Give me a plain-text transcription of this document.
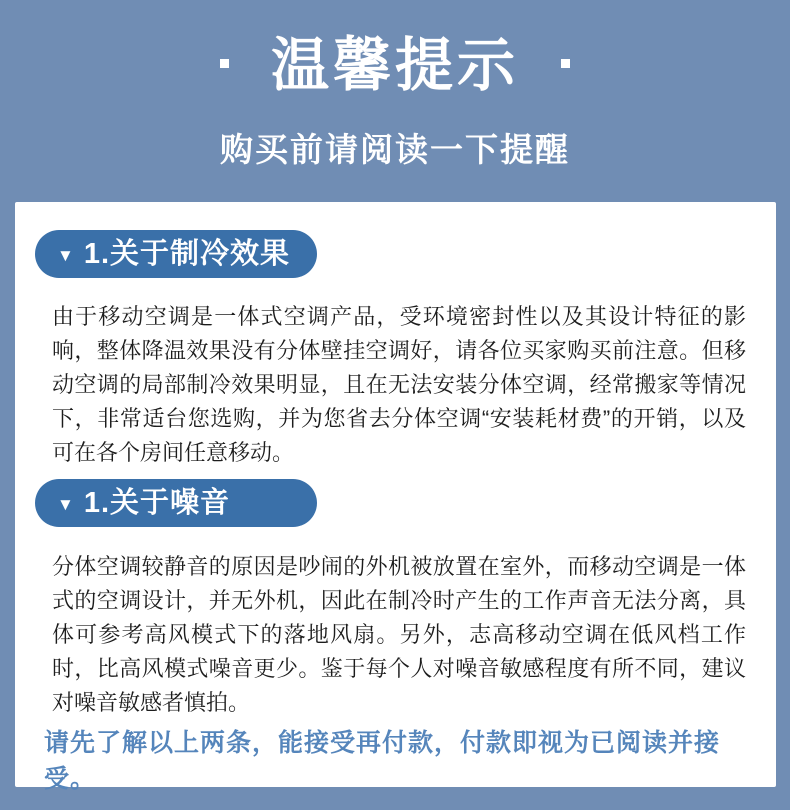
温馨提示
购买前请阅读一下提醒
▼ 1.关于制冷效果

由于移动空调是一体式空调产品，受环境密封性以及其设计特征的影响，整体降温效果没有分体壁挂空调好，请各位买家购买前注意。但移动空调的局部制冷效果明显，且在无法安装分体空调，经常搬家等情况下，非常适台您选购，并为您省去分体空调“安装耗材费”的开销，以及可在各个房间任意移动。

▼ 1.关于噪音

分体空调较静音的原因是吵闹的外机被放置在室外，而移动空调是一体式的空调设计，并无外机，因此在制冷时产生的工作声音无法分离，具体可参考高风模式下的落地风扇。另外，志高移动空调在低风档工作时，比高风模式噪音更少。鉴于每个人对噪音敏感程度有所不同，建议对噪音敏感者慎拍。

请先了解以上两条，能接受再付款，付款即视为已阅读并接受。
